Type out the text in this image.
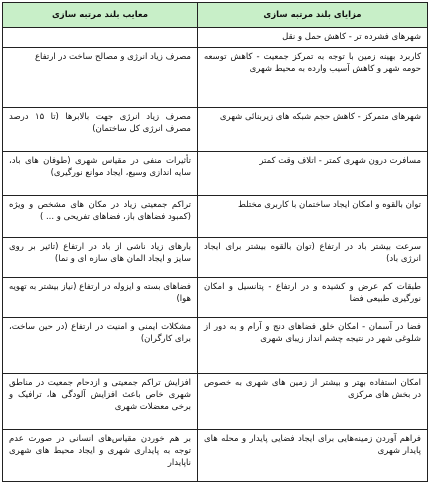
مزایای بلند مرتبه سازی	معایب بلند مرتبه سازی
شهرهای فشرده تر - کاهش حمل و نقل	
کاربرد بهینه زمین با توجه به تمرکز جمعیت - کاهش توسعه حومه شهر و کاهش آسیب وارده به محیط شهری	مصرف زیاد انرژی و مصالح ساخت در ارتفاع
شهرهای متمرکز - کاهش حجم شبکه های زیربنائی شهری	مصرف زیاد انرژی جهت بالابرها (تا ۱۵ درصد مصرف انرژی کل ساختمان)
مسافرت درون شهری کمتر - اتلاف وقت کمتر	تأثیرات منفی در مقیاس شهری (طوفان های باد، سایه اندازی وسیع، ایجاد موانع نورگیری)
توان بالقوه و امکان ایجاد ساختمان با کاربری مختلط	تراکم جمعیتی زیاد در مکان های مشخص و ویژه (کمبود فضاهای باز، فضاهای تفریحی و ... )
سرعت بیشتر باد در ارتفاع (توان بالقوه بیشتر برای ایجاد انرژی باد)	بارهای زیاد ناشی از باد در ارتفاع (تاثیر بر روی سایز و ایجاد المان های سازه ای و نما)
طبقات کم عرض و کشیده و در ارتفاع - پتانسیل و امکان نورگیری طبیعی فضا	فضاهای بسته و ایزوله در ارتفاع (نیاز بیشتر به تهویه هوا)
فضا در آسمان - امکان خلق فضاهای دنج و آرام و به دور از شلوغی شهر در نتیجه چشم انداز زیبای شهری	مشکلات ایمنی و امنیت در ارتفاع (در حین ساخت، برای کارگران)
امکان استفاده بهتر و بیشتر از زمین های شهری به خصوص در بخش های مرکزی	افزایش تراکم جمعیتی و ازدحام جمعیت در مناطق شهری خاص باعث افزایش آلودگی ها، ترافیک و برخی معضلات شهری
فراهم آوردن زمینه‌هایی برای ایجاد فضایی پایدار و محله های پایدار شهری	بر هم خوردن مقیاس‌های انسانی در صورت عدم توجه به پایداری شهری و ایجاد محیط های شهری ناپایدار
